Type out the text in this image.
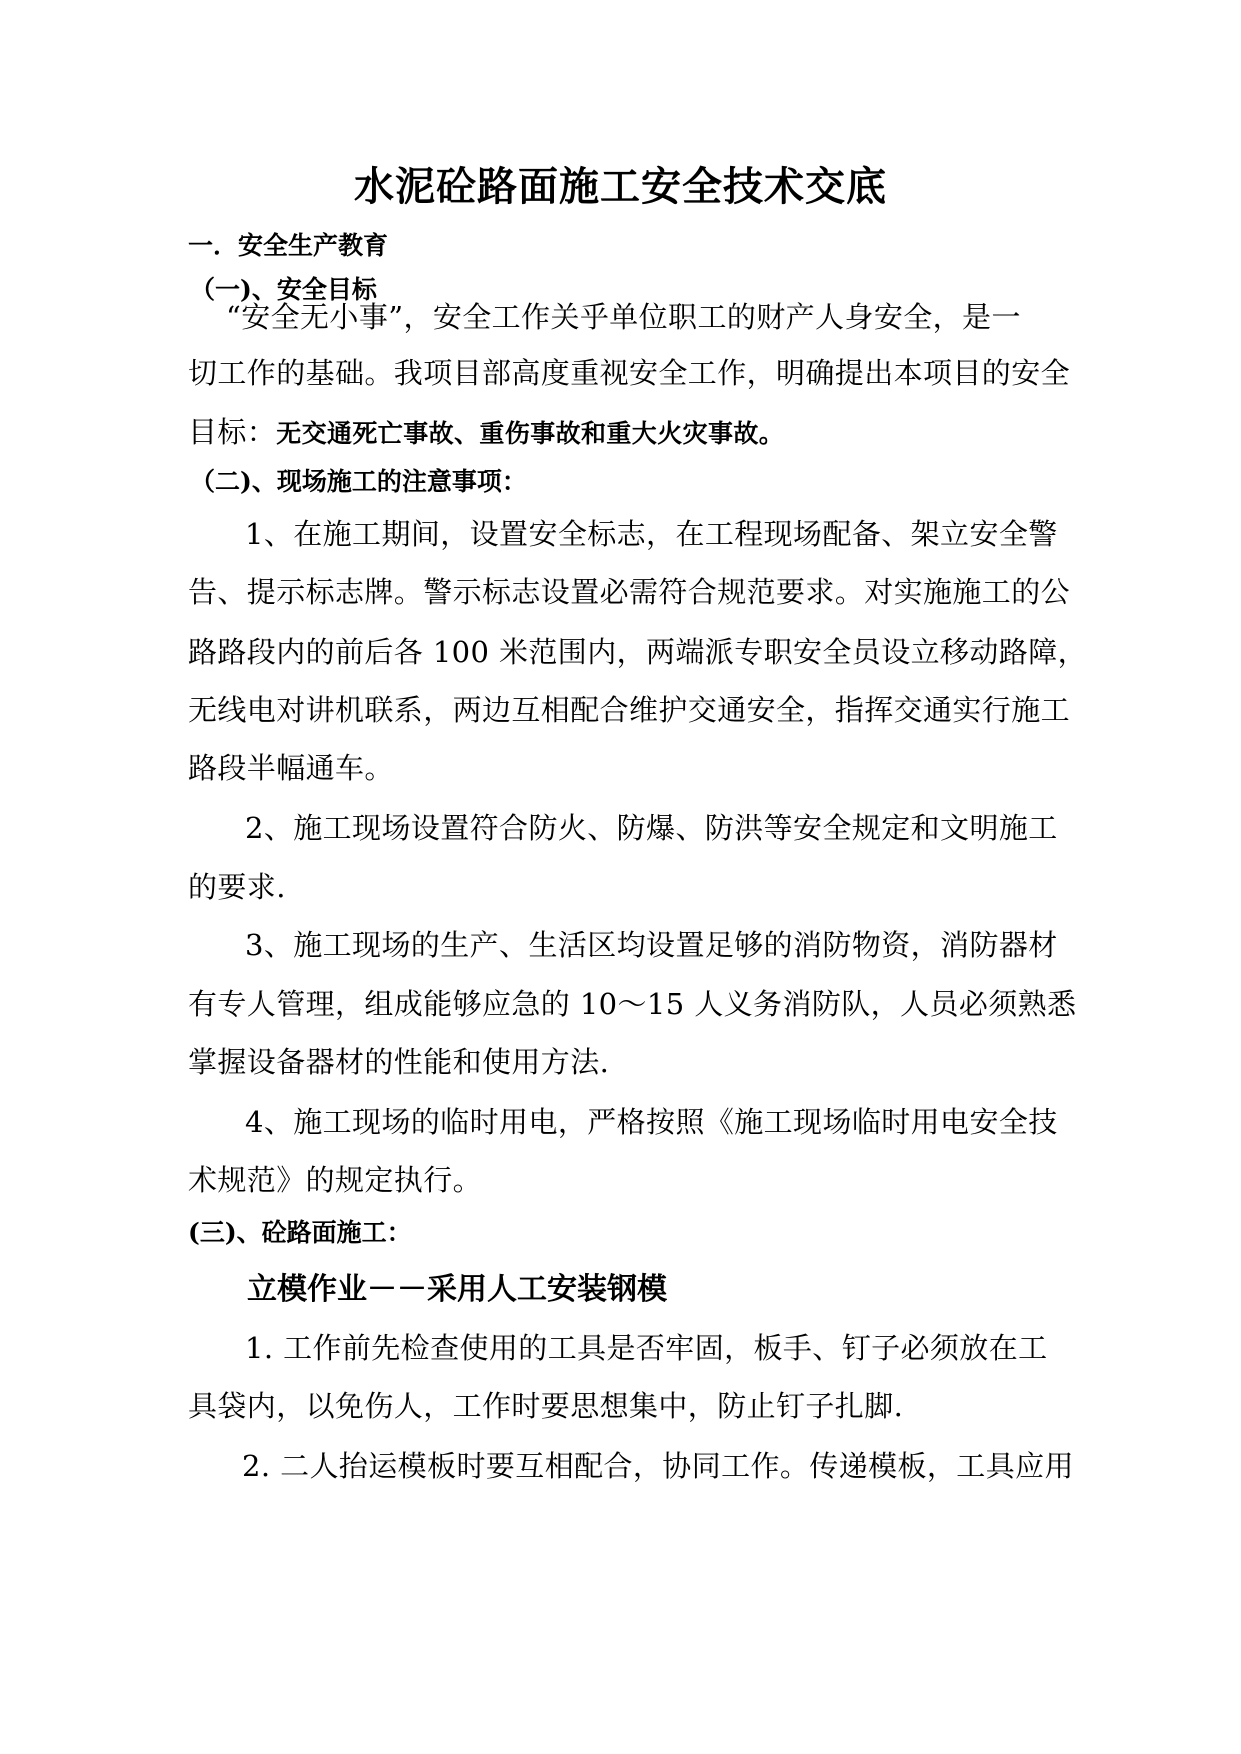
水泥砼路面施工安全技术交底
一．安全生产教育
（一)、安全目标
“安全无小事”，安全工作关乎单位职工的财产人身安全，是一
切工作的基础。我项目部高度重视安全工作，明确提出本项目的安全
目标：无交通死亡事故、重伤事故和重大火灾事故。
（二)、现场施工的注意事项：
1、在施工期间，设置安全标志，在工程现场配备、架立安全警
告、提示标志牌。警示标志设置必需符合规范要求。对实施施工的公
路路段内的前后各 100 米范围内，两端派专职安全员设立移动路障，
无线电对讲机联系，两边互相配合维护交通安全，指挥交通实行施工
路段半幅通车。
2、施工现场设置符合防火、防爆、防洪等安全规定和文明施工
的要求.
3、施工现场的生产、生活区均设置足够的消防物资，消防器材
有专人管理，组成能够应急的 10～15 人义务消防队，人员必须熟悉
掌握设备器材的性能和使用方法.
4、施工现场的临时用电，严格按照《施工现场临时用电安全技
术规范》的规定执行。
(三)、砼路面施工：
立模作业－－采用人工安装钢模
1. 工作前先检查使用的工具是否牢固，板手、钉子必须放在工
具袋内，以免伤人，工作时要思想集中，防止钉子扎脚.
2. 二人抬运模板时要互相配合，协同工作。传递模板，工具应用
